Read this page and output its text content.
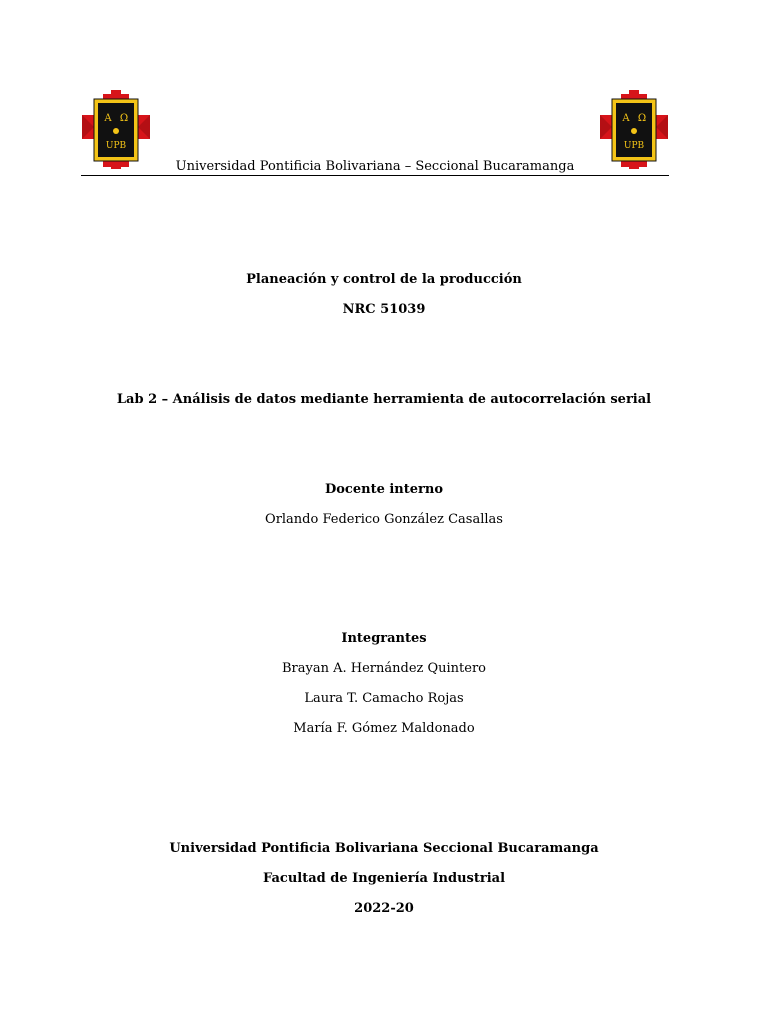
A Ω
UPB
A Ω
UPB
Universidad Pontificia Bolivariana – Seccional Bucaramanga
Planeación y control de la producción
NRC 51039
Lab 2 – Análisis de datos mediante herramienta de autocorrelación serial
Docente interno
Orlando Federico González Casallas
Integrantes
Brayan A. Hernández Quintero
Laura T. Camacho Rojas
María F. Gómez Maldonado
Universidad Pontificia Bolivariana Seccional Bucaramanga
Facultad de Ingeniería Industrial
2022-20
